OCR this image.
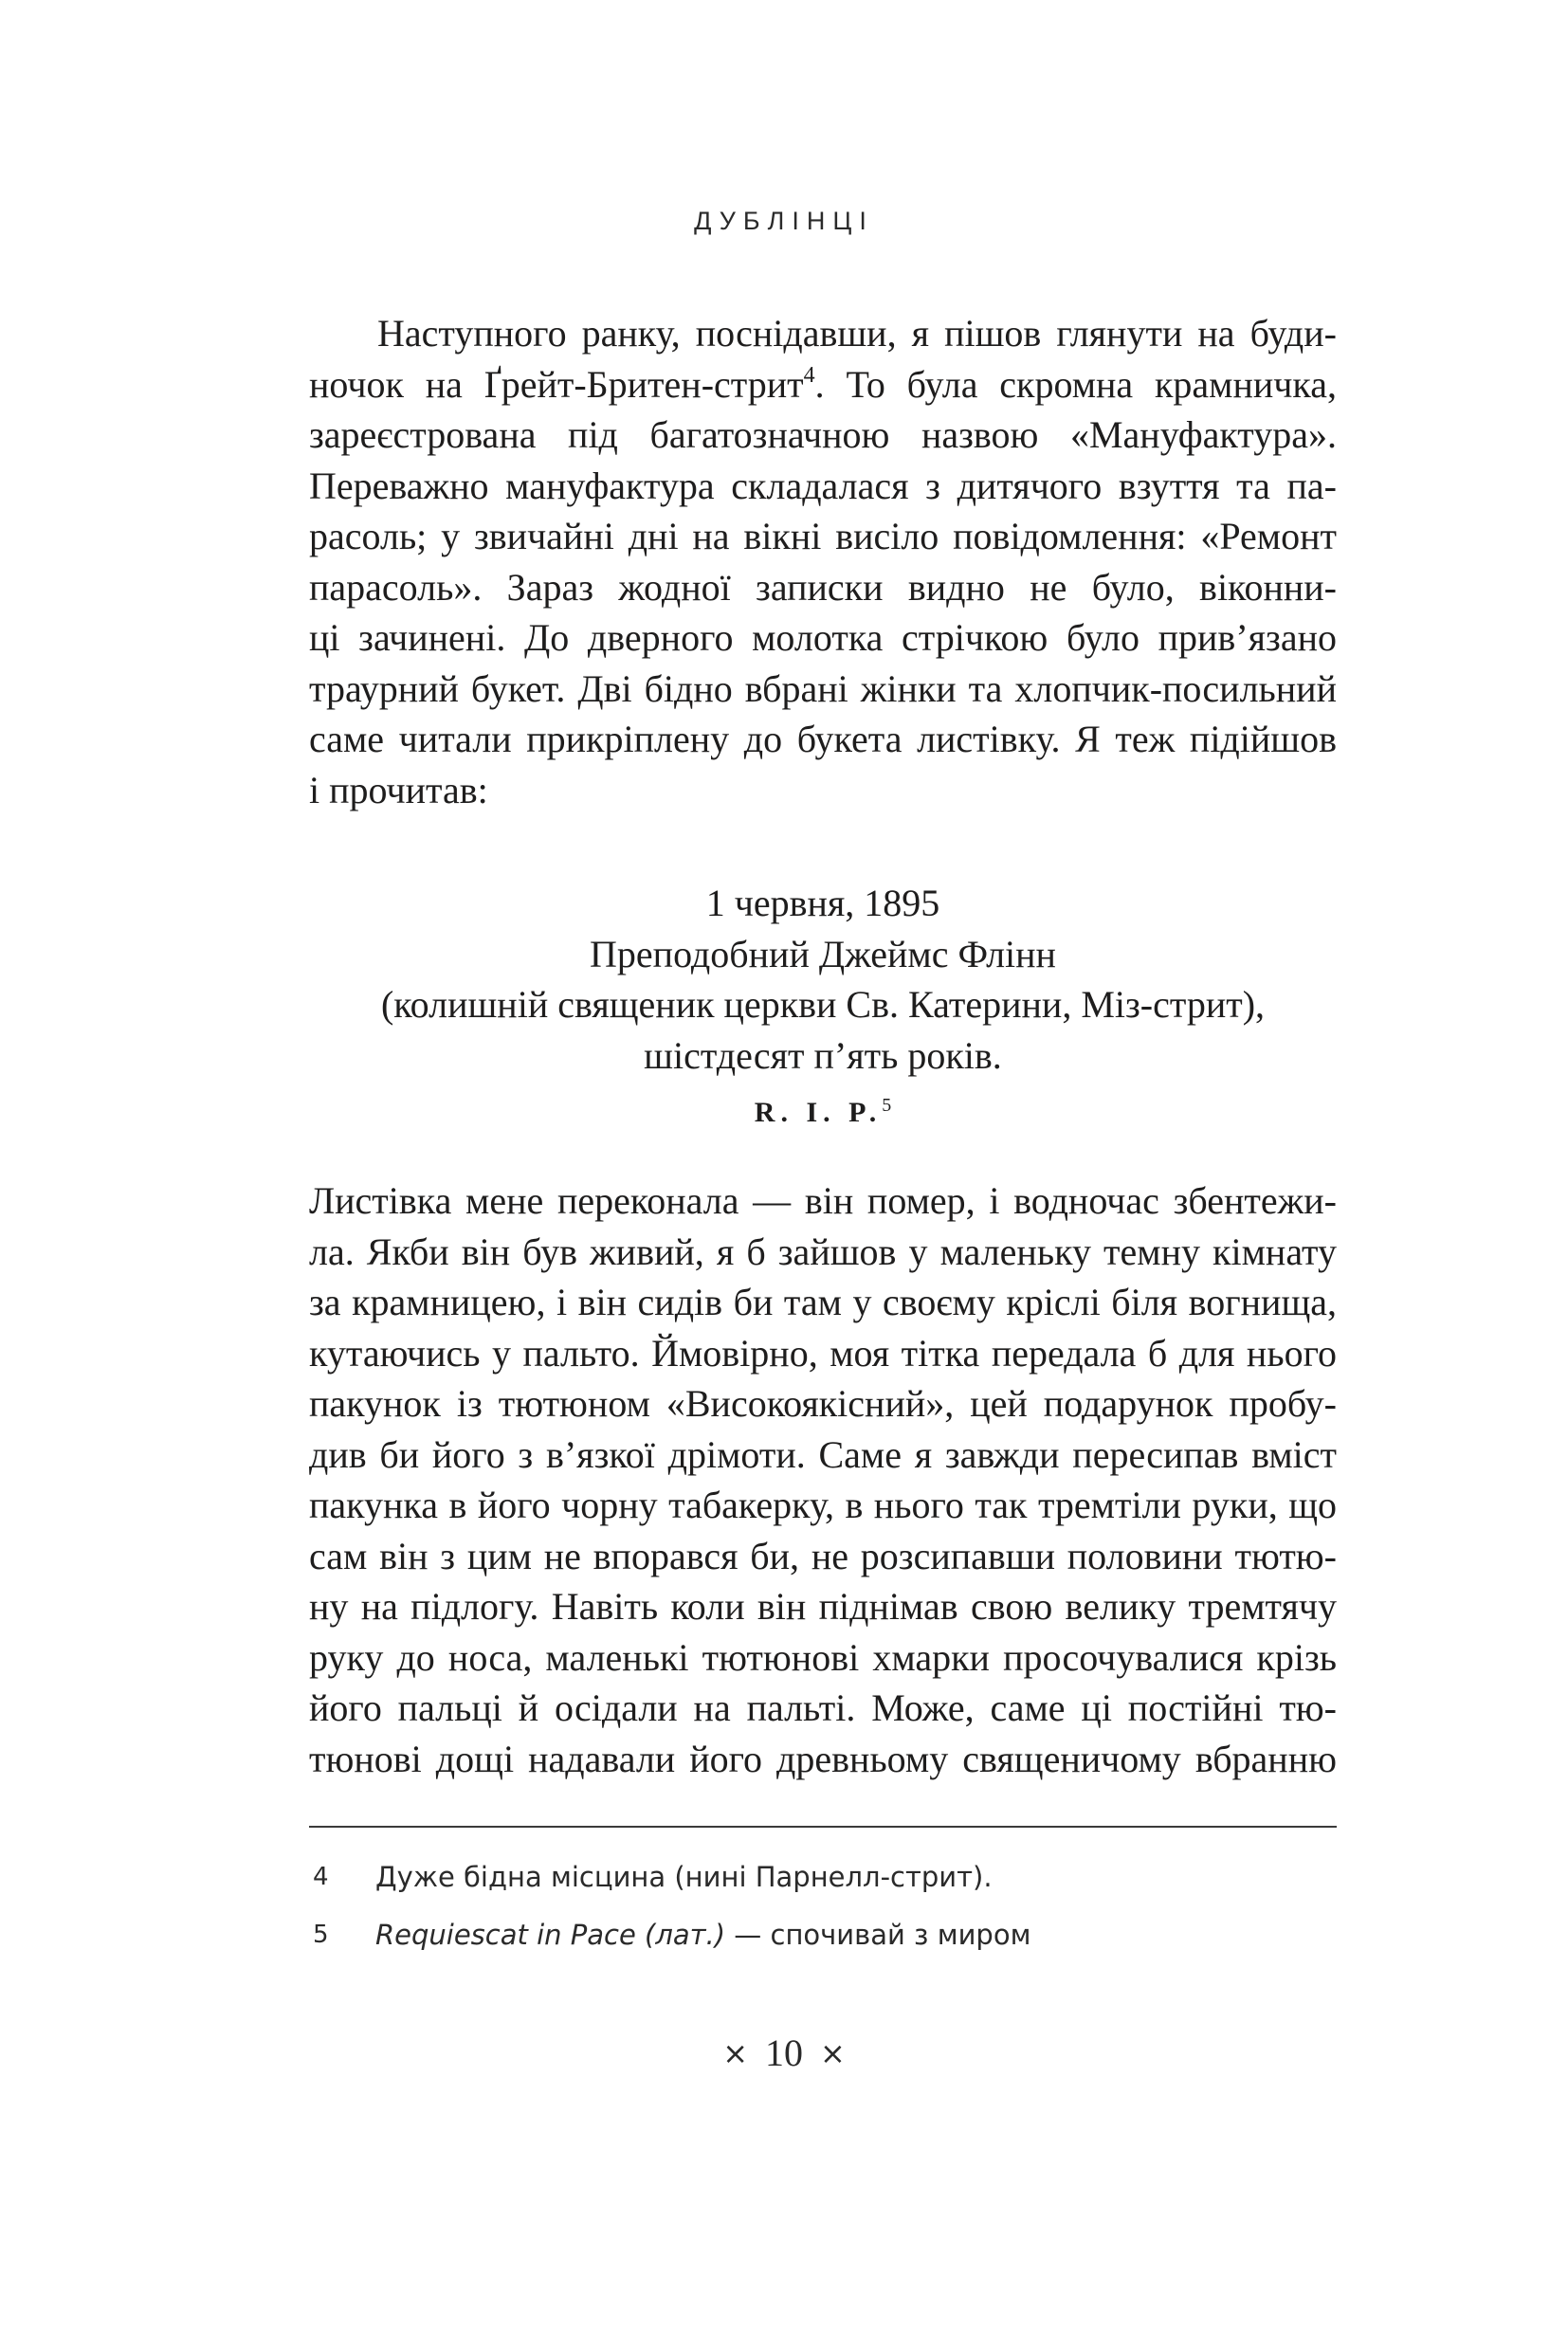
ДУБЛІНЦІ
Наступного ранку, поснідавши, я пішов глянути на буди-
ночок на Ґрейт-Бритен-стрит$^4$. То була скромна крамничка,
зареєстрована під багатозначною назвою «Мануфактура».
Переважно мануфактура складалася з дитячого взуття та па-
расоль; у звичайні дні на вікні висіло повідомлення: «Ремонт
парасоль». Зараз жодної записки видно не було, віконни-
ці зачинені. До дверного молотка стрічкою було прив’язано
траурний букет. Дві бідно вбрані жінки та хлопчик-посильний
саме читали прикріплену до букета листівку. Я теж підійшов
і прочитав:
1 червня, 1895
Преподобний Джеймс Флінн
(колишній священик церкви Св. Катерини, Міз-стрит),
шістдесят п’ять років.
R. I. P.$^5$
Листівка мене переконала — він помер, і водночас збентежи-
ла. Якби він був живий, я б зайшов у маленьку темну кімнату
за крамницею, і він сидів би там у своєму кріслі біля вогнища,
кутаючись у пальто. Ймовірно, моя тітка передала б для нього
пакунок із тютюном «Високоякісний», цей подарунок пробу-
див би його з в’язкої дрімоти. Саме я завжди пересипав вміст
пакунка в його чорну табакерку, в нього так тремтіли руки, що
сам він з цим не впорався би, не розсипавши половини тютю-
ну на підлогу. Навіть коли він піднімав свою велику тремтячу
руку до носа, маленькі тютюнові хмарки просочувалися крізь
його пальці й осідали на пальті. Може, саме ці постійні тю-
тюнові дощі надавали його древньому священичому вбранню
4	Дуже бідна місцина (нині Парнелл-стрит).
5	Requiescat in Pace (лат.) — спочивай з миром
× 10 ×
